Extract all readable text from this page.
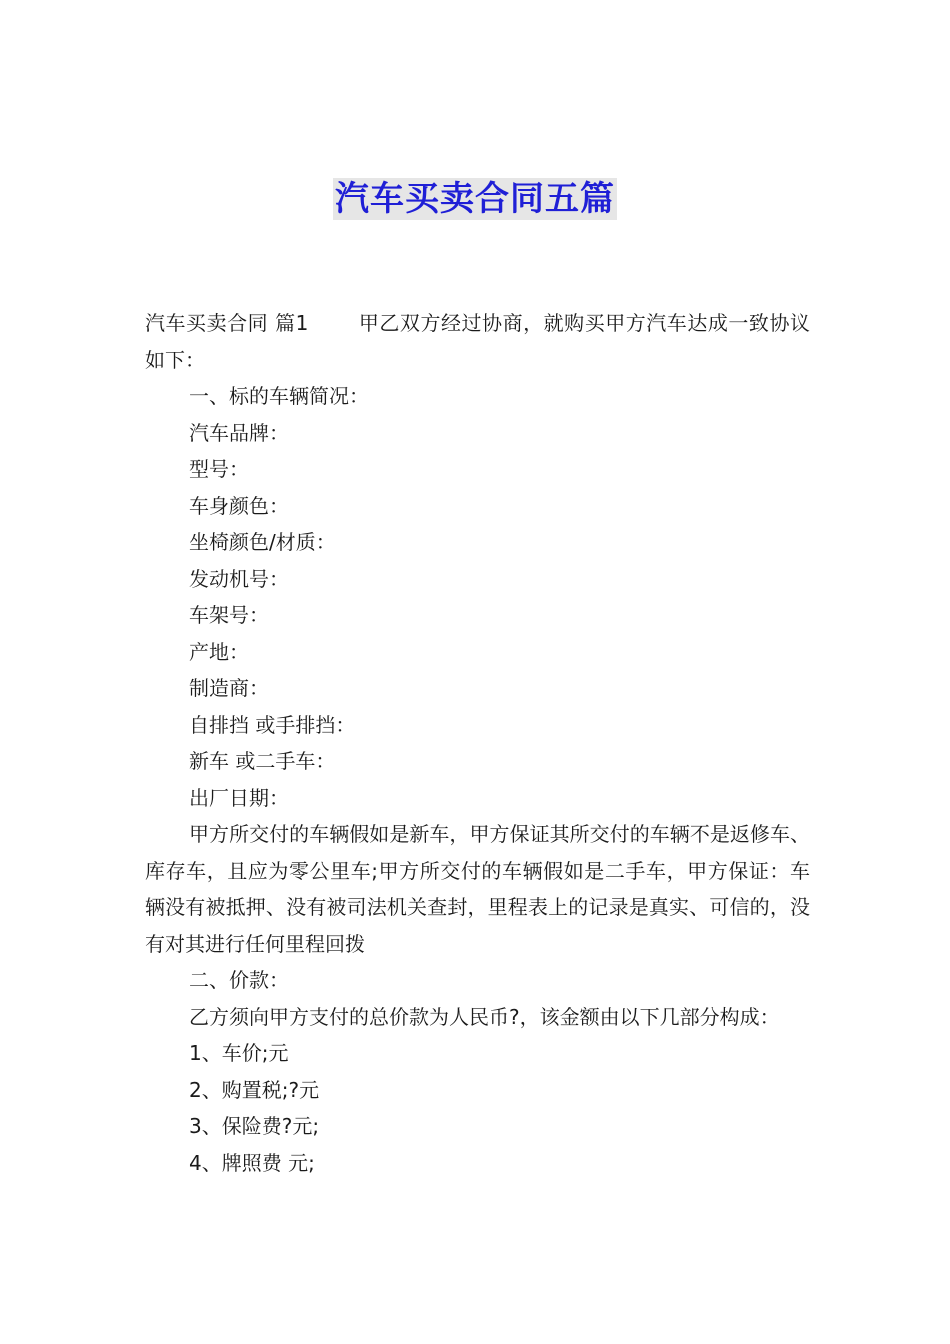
汽车买卖合同五篇

汽车买卖合同 篇1	甲乙双方经过协商，就购买甲方汽车达成一致协议如下：

一、标的车辆简况：

汽车品牌：

型号：

车身颜色：

坐椅颜色/材质：

发动机号：

车架号：

产地：

制造商：

自排挡 或手排挡：

新车 或二手车：

出厂日期：

甲方所交付的车辆假如是新车，甲方保证其所交付的车辆不是返修车、库存车，且应为零公里车;甲方所交付的车辆假如是二手车，甲方保证：车辆没有被抵押、没有被司法机关查封，里程表上的记录是真实、可信的，没有对其进行任何里程回拨

二、价款：

乙方须向甲方支付的总价款为人民币?，该金额由以下几部分构成：

1、车价;元

2、购置税;?元

3、保险费?元;

4、牌照费 元;
